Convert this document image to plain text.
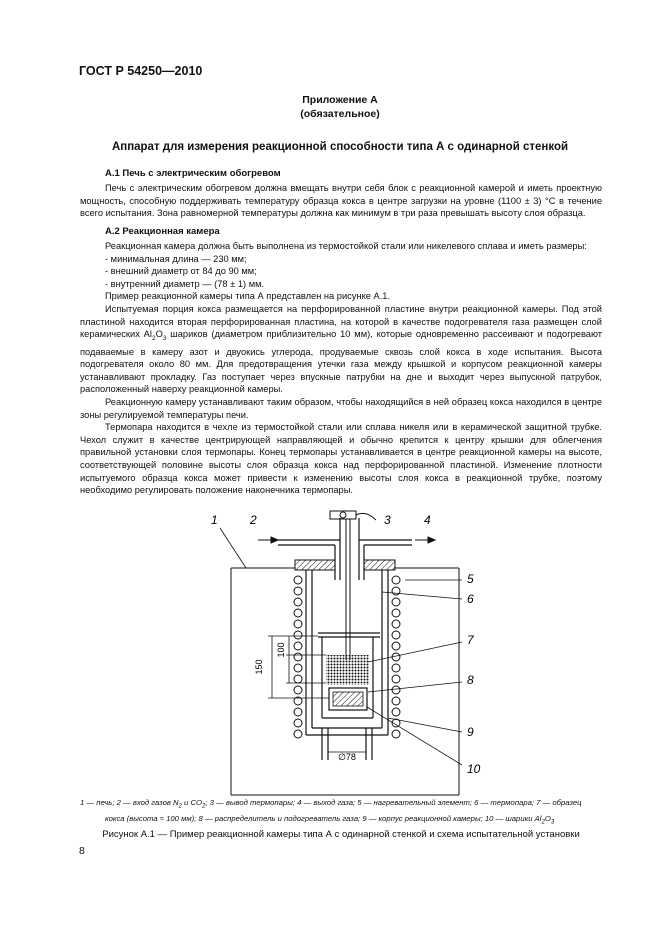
ГОСТ Р 54250—2010
Приложение А
(обязательное)
Аппарат для измерения реакционной способности типа А с одинарной стенкой
А.1 Печь с электрическим обогревом

Печь с электрическим обогревом должна вмещать внутри себя блок с реакционной камерой и иметь проектную мощность, способную поддерживать температуру образца кокса в центре загрузки на уровне (1100 ± 3) °С в течение всего испытания. Зона равномерной температуры должна как минимум в три раза превышать высоту слоя образца.

А.2 Реакционная камера

Реакционная камера должна быть выполнена из термостойкой стали или никелевого сплава и иметь размеры:

- минимальная длина — 230 мм;
- внешний диаметр от 84 до 90 мм;
- внутренний диаметр — (78 ± 1) мм.

Пример реакционной камеры типа А представлен на рисунке А.1.

Испытуемая порция кокса размещается на перфорированной пластине внутри реакционной камеры. Под этой пластиной находится вторая перфорированная пластина, на которой в качестве подогревателя газа размещен слой керамических $Al_2O_3$ шариков (диаметром приблизительно 10 мм), которые одновременно рассеивают и подогревают подаваемые в камеру азот и двуокись углерода, продуваемые сквозь слой кокса в ходе испытания. Высота подогревателя около 80 мм. Для предотвращения утечки газа между крышкой и корпусом реакционной камеры устанавливают прокладку. Газ поступает через впускные патрубки на дне и выходит через выпускной патрубок, расположенный наверху реакционной камеры.

Реакционную камеру устанавливают таким образом, чтобы находящийся в ней образец кокса находился в центре зоны регулируемой температуры печи.

Термопара находится в чехле из термостойкой стали или сплава никеля или в керамической защитной трубке. Чехол служит в качестве центрирующей направляющей и обычно крепится к центру крышки для облегчения правильной установки слоя термопары. Конец термопары устанавливается в центре реакционной камеры на высоте, соответствующей половине высоты слоя образца кокса над перфорированной пластиной. Изменение плотности испытуемого образца кокса может привести к изменению высоты слоя кокса в реакционной трубке, поэтому необходимо регулировать положение наконечника термопары.

150
100
∅78
1	2	3	4
5
6
7
8
9
10
1 — печь; 2 — вход газов $N_2$ и $CO_2$; 3 — вывод термопары; 4 — выход газа; 5 — нагревательный элемент; 6 — термопара; 7 — образец
кокса (высота ≈ 100 мм); 8 — распределитель и подогреватель газа; 9 — корпус реакционной камеры; 10 — шарики $Al_2O_3$
Рисунок А.1 — Пример реакционной камеры типа А с одинарной стенкой и схема испытательной установки
8
